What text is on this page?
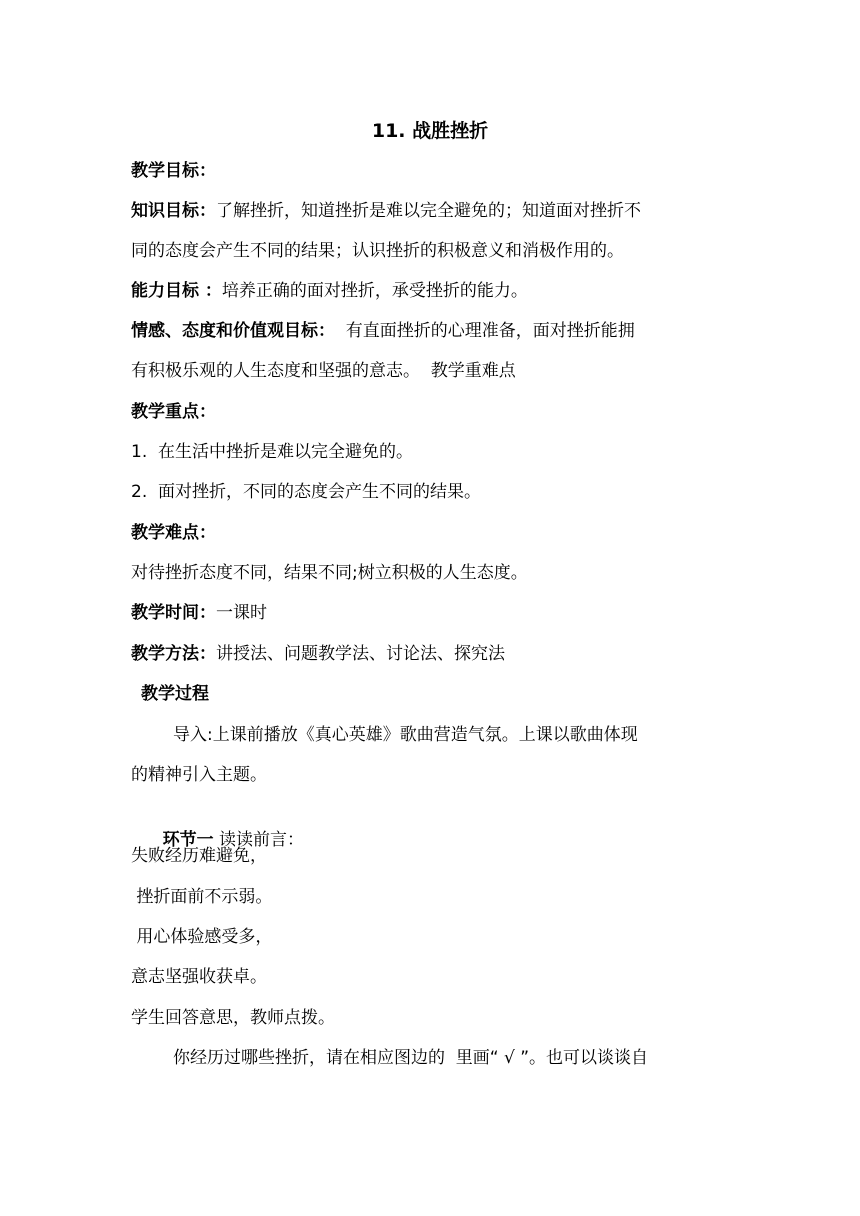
11. 战胜挫折
教学目标：
知识目标：了解挫折，知道挫折是难以完全避免的；知道面对挫折不
同的态度会产生不同的结果；认识挫折的积极意义和消极作用的。
能力目标 ：培养正确的面对挫折，承受挫折的能力。
情感、态度和价值观目标：  有直面挫折的心理准备，面对挫折能拥
有积极乐观的人生态度和坚强的意志。  教学重难点
教学重点：
1.  在生活中挫折是难以完全避免的。
2.  面对挫折，不同的态度会产生不同的结果。
教学难点：
对待挫折态度不同，结果不同;树立积极的人生态度。
教学时间：一课时
教学方法：讲授法、问题教学法、讨论法、探究法
教学过程
导入:上课前播放《真心英雄》歌曲营造气氛。上课以歌曲体现
的精神引入主题。

环节一 读读前言：

失败经历难避免，
挫折面前不示弱。
用心体验感受多，
意志坚强收获卓。
学生回答意思，教师点拨。
你经历过哪些挫折，请在相应图边的  里画“ √ ”。也可以谈谈自
